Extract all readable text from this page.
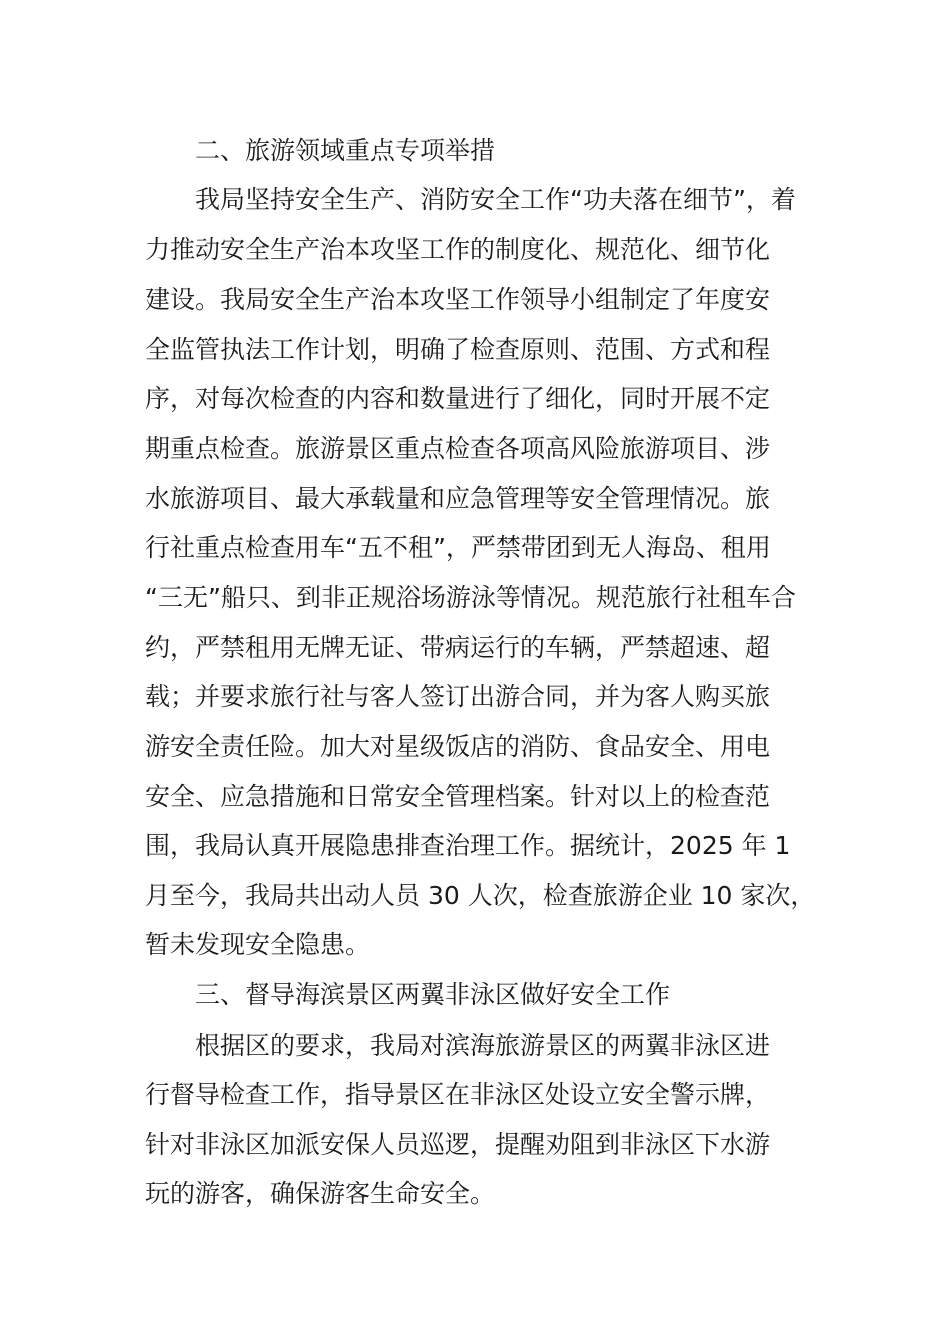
二、旅游领域重点专项举措
我局坚持安全生产、消防安全工作“功夫落在细节”，着
力推动安全生产治本攻坚工作的制度化、规范化、细节化
建设。我局安全生产治本攻坚工作领导小组制定了年度安
全监管执法工作计划，明确了检查原则、范围、方式和程
序，对每次检查的内容和数量进行了细化，同时开展不定
期重点检查。旅游景区重点检查各项高风险旅游项目、涉
水旅游项目、最大承载量和应急管理等安全管理情况。旅
行社重点检查用车“五不租”，严禁带团到无人海岛、租用
“三无”船只、到非正规浴场游泳等情况。规范旅行社租车合
约，严禁租用无牌无证、带病运行的车辆，严禁超速、超
载；并要求旅行社与客人签订出游合同，并为客人购买旅
游安全责任险。加大对星级饭店的消防、食品安全、用电
安全、应急措施和日常安全管理档案。针对以上的检查范
围，我局认真开展隐患排查治理工作。据统计，2025 年 1
月至今，我局共出动人员 30 人次，检查旅游企业 10 家次，
暂未发现安全隐患。
三、督导海滨景区两翼非泳区做好安全工作
根据区的要求，我局对滨海旅游景区的两翼非泳区进
行督导检查工作，指导景区在非泳区处设立安全警示牌，
针对非泳区加派安保人员巡逻，提醒劝阻到非泳区下水游
玩的游客，确保游客生命安全。
